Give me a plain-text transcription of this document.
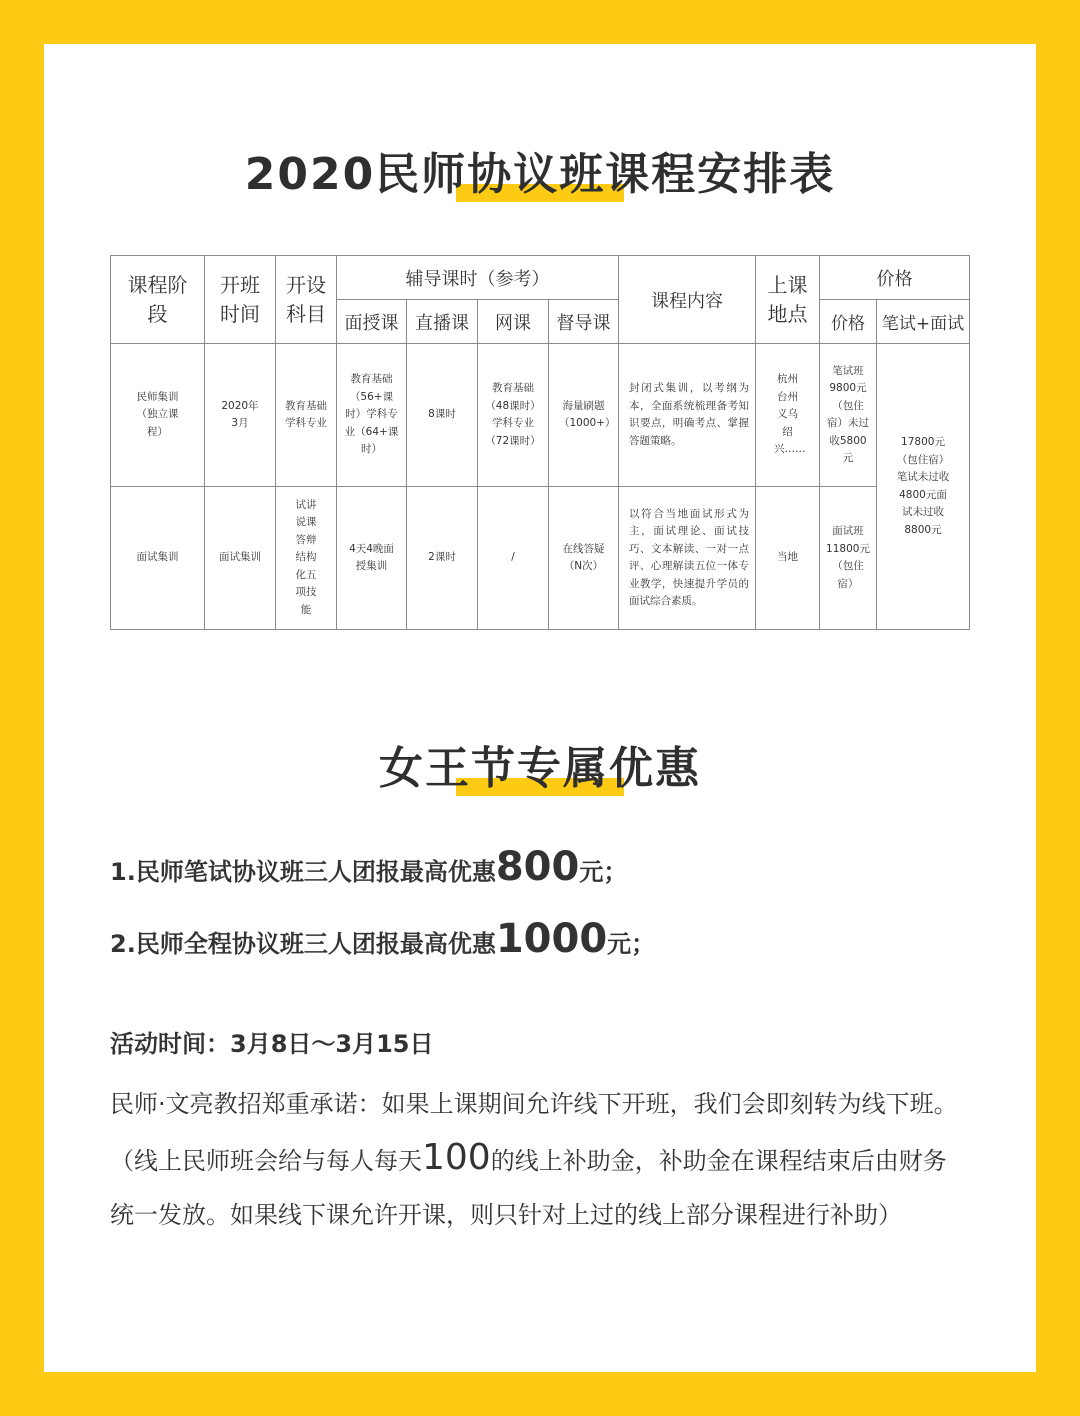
2020民师协议班课程安排表
课程阶段	开班时间	开设科目	辅导课时（参考）				课程内容	上课地点	价格	
			面授课	直播课	网课	督导课			价格	笔试+面试
民师集训（独立课程）	2020年3月	教育基础学科专业	教育基础（56+课时）学科专业（64+课时）	8课时	教育基础（48课时）学科专业（72课时）	海量刷题（1000+）	封闭式集训，以考纲为本，全面系统梳理备考知识要点，明确考点、掌握答题策略。	杭州台州义乌绍兴……	笔试班9800元（包住宿）未过收5800元	17800元（包住宿）笔试未过收4800元面试未过收8800元
面试集训	面试集训	试讲说课答辩结构化五项技能	4天4晚面授集训	2课时	/	在线答疑（N次）	以符合当地面试形式为主，面试理论、面试技巧、文本解读、一对一点评、心理解读五位一体专业教学，快速提升学员的面试综合素质。	当地	面试班11800元（包住宿）	
女王节专属优惠
1.民师笔试协议班三人团报最高优惠800元；
2.民师全程协议班三人团报最高优惠1000元；
活动时间：3月8日～3月15日
民师·文亮教招郑重承诺：如果上课期间允许线下开班，我们会即刻转为线下班。（线上民师班会给与每人每天100的线上补助金，补助金在课程结束后由财务统一发放。如果线下课允许开课，则只针对上过的线上部分课程进行补助）
